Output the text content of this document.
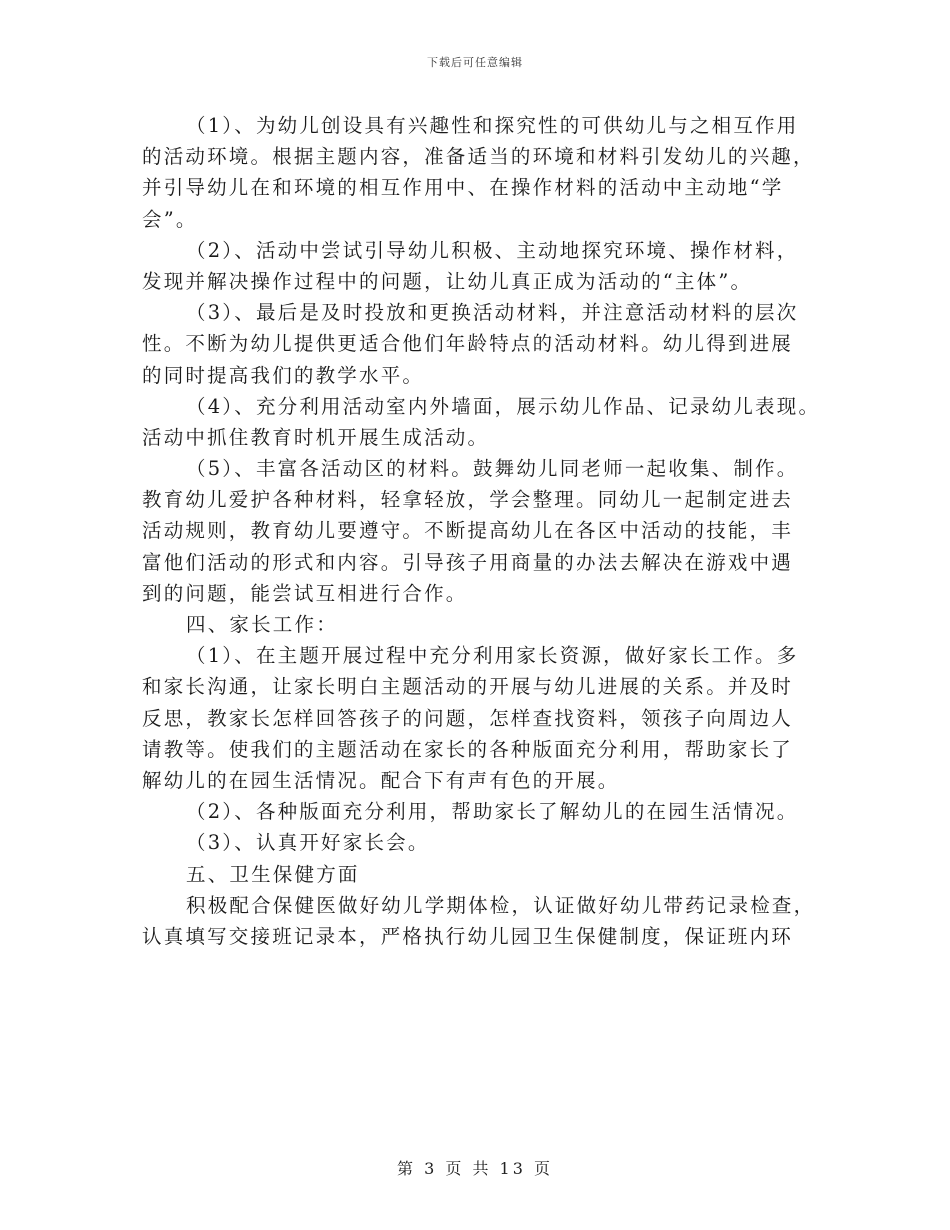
下载后可任意编辑
（1）、为幼儿创设具有兴趣性和探究性的可供幼儿与之相互作用
的活动环境。根据主题内容，准备适当的环境和材料引发幼儿的兴趣，
并引导幼儿在和环境的相互作用中、在操作材料的活动中主动地“学
会”。
（2）、活动中尝试引导幼儿积极、主动地探究环境、操作材料，
发现并解决操作过程中的问题，让幼儿真正成为活动的“主体”。
（3）、最后是及时投放和更换活动材料，并注意活动材料的层次
性。不断为幼儿提供更适合他们年龄特点的活动材料。幼儿得到进展
的同时提高我们的教学水平。
（4）、充分利用活动室内外墙面，展示幼儿作品、记录幼儿表现。
活动中抓住教育时机开展生成活动。
（5）、丰富各活动区的材料。鼓舞幼儿同老师一起收集、制作。
教育幼儿爱护各种材料，轻拿轻放，学会整理。同幼儿一起制定进去
活动规则，教育幼儿要遵守。不断提高幼儿在各区中活动的技能，丰
富他们活动的形式和内容。引导孩子用商量的办法去解决在游戏中遇
到的问题，能尝试互相进行合作。
四、家长工作：
（1）、在主题开展过程中充分利用家长资源，做好家长工作。多
和家长沟通，让家长明白主题活动的开展与幼儿进展的关系。并及时
反思，教家长怎样回答孩子的问题，怎样查找资料，领孩子向周边人
请教等。使我们的主题活动在家长的各种版面充分利用，帮助家长了
解幼儿的在园生活情况。配合下有声有色的开展。
（2）、各种版面充分利用，帮助家长了解幼儿的在园生活情况。
（3）、认真开好家长会。
五、卫生保健方面
积极配合保健医做好幼儿学期体检，认证做好幼儿带药记录检查，
认真填写交接班记录本，严格执行幼儿园卫生保健制度，保证班内环
第 3 页 共 13 页
